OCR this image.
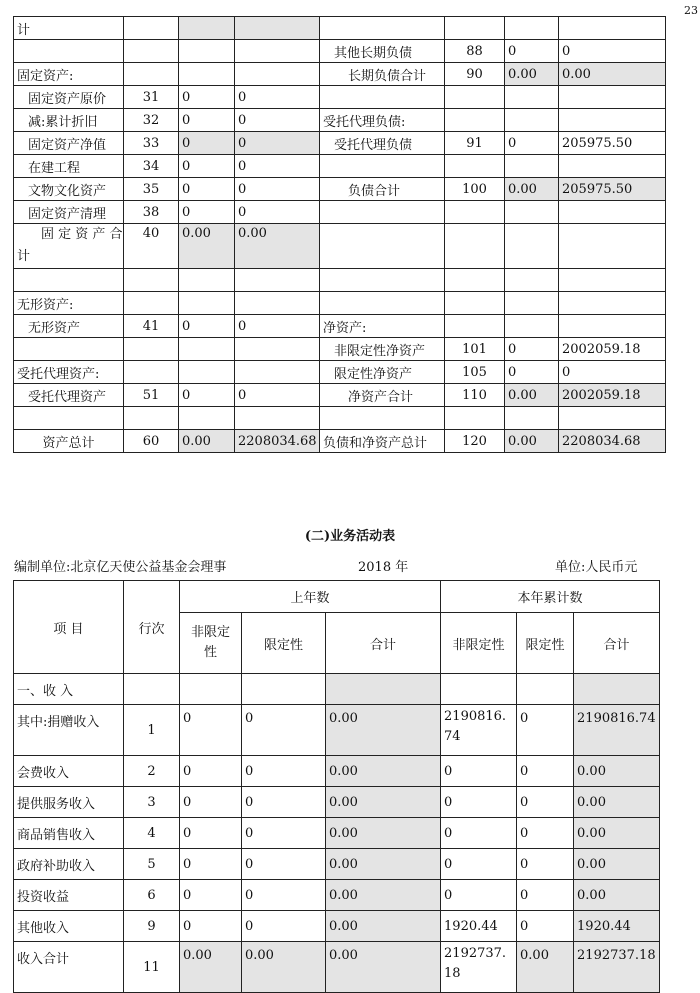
23
计							
				其他长期负债	88	0	0
固定资产:				长期负债合计	90	0.00	0.00
固定资产原价	31	0	0				
减:累计折旧	32	0	0	受托代理负债:			
固定资产净值	33	0	0	受托代理负债	91	0	205975.50
在建工程	34	0	0				
文物文化资产	35	0	0	负债合计	100	0.00	205975.50
固定资产清理	38	0	0				

固 定 资 产 合
计	40	0.00	0.00				

无形资产:							
无形资产	41	0	0	净资产:			
				非限定性净资产	101	0	2002059.18
受托代理资产:				限定性净资产	105	0	0
受托代理资产	51	0	0	净资产合计	110	0.00	2002059.18

资产总计	60	0.00	2208034.68	负债和净资产总计	120	0.00	2208034.68
(二)业务活动表
编制单位:北京亿天使公益基金会理事	2018 年	单位:人民币元
项 目	行次	上年数			本年累计数		

		非限定
性	限定性	合计	非限定性	限定性	合计
一、收 入							
其中:捐赠收入	1	0	0	0.00	2190816.
74	0	2190816.74
会费收入	2	0	0	0.00	0	0	0.00
提供服务收入	3	0	0	0.00	0	0	0.00
商品销售收入	4	0	0	0.00	0	0	0.00
政府补助收入	5	0	0	0.00	0	0	0.00
投资收益	6	0	0	0.00	0	0	0.00
其他收入	9	0	0	0.00	1920.44	0	1920.44
收入合计	11	0.00	0.00	0.00	2192737.
18	0.00	2192737.18
